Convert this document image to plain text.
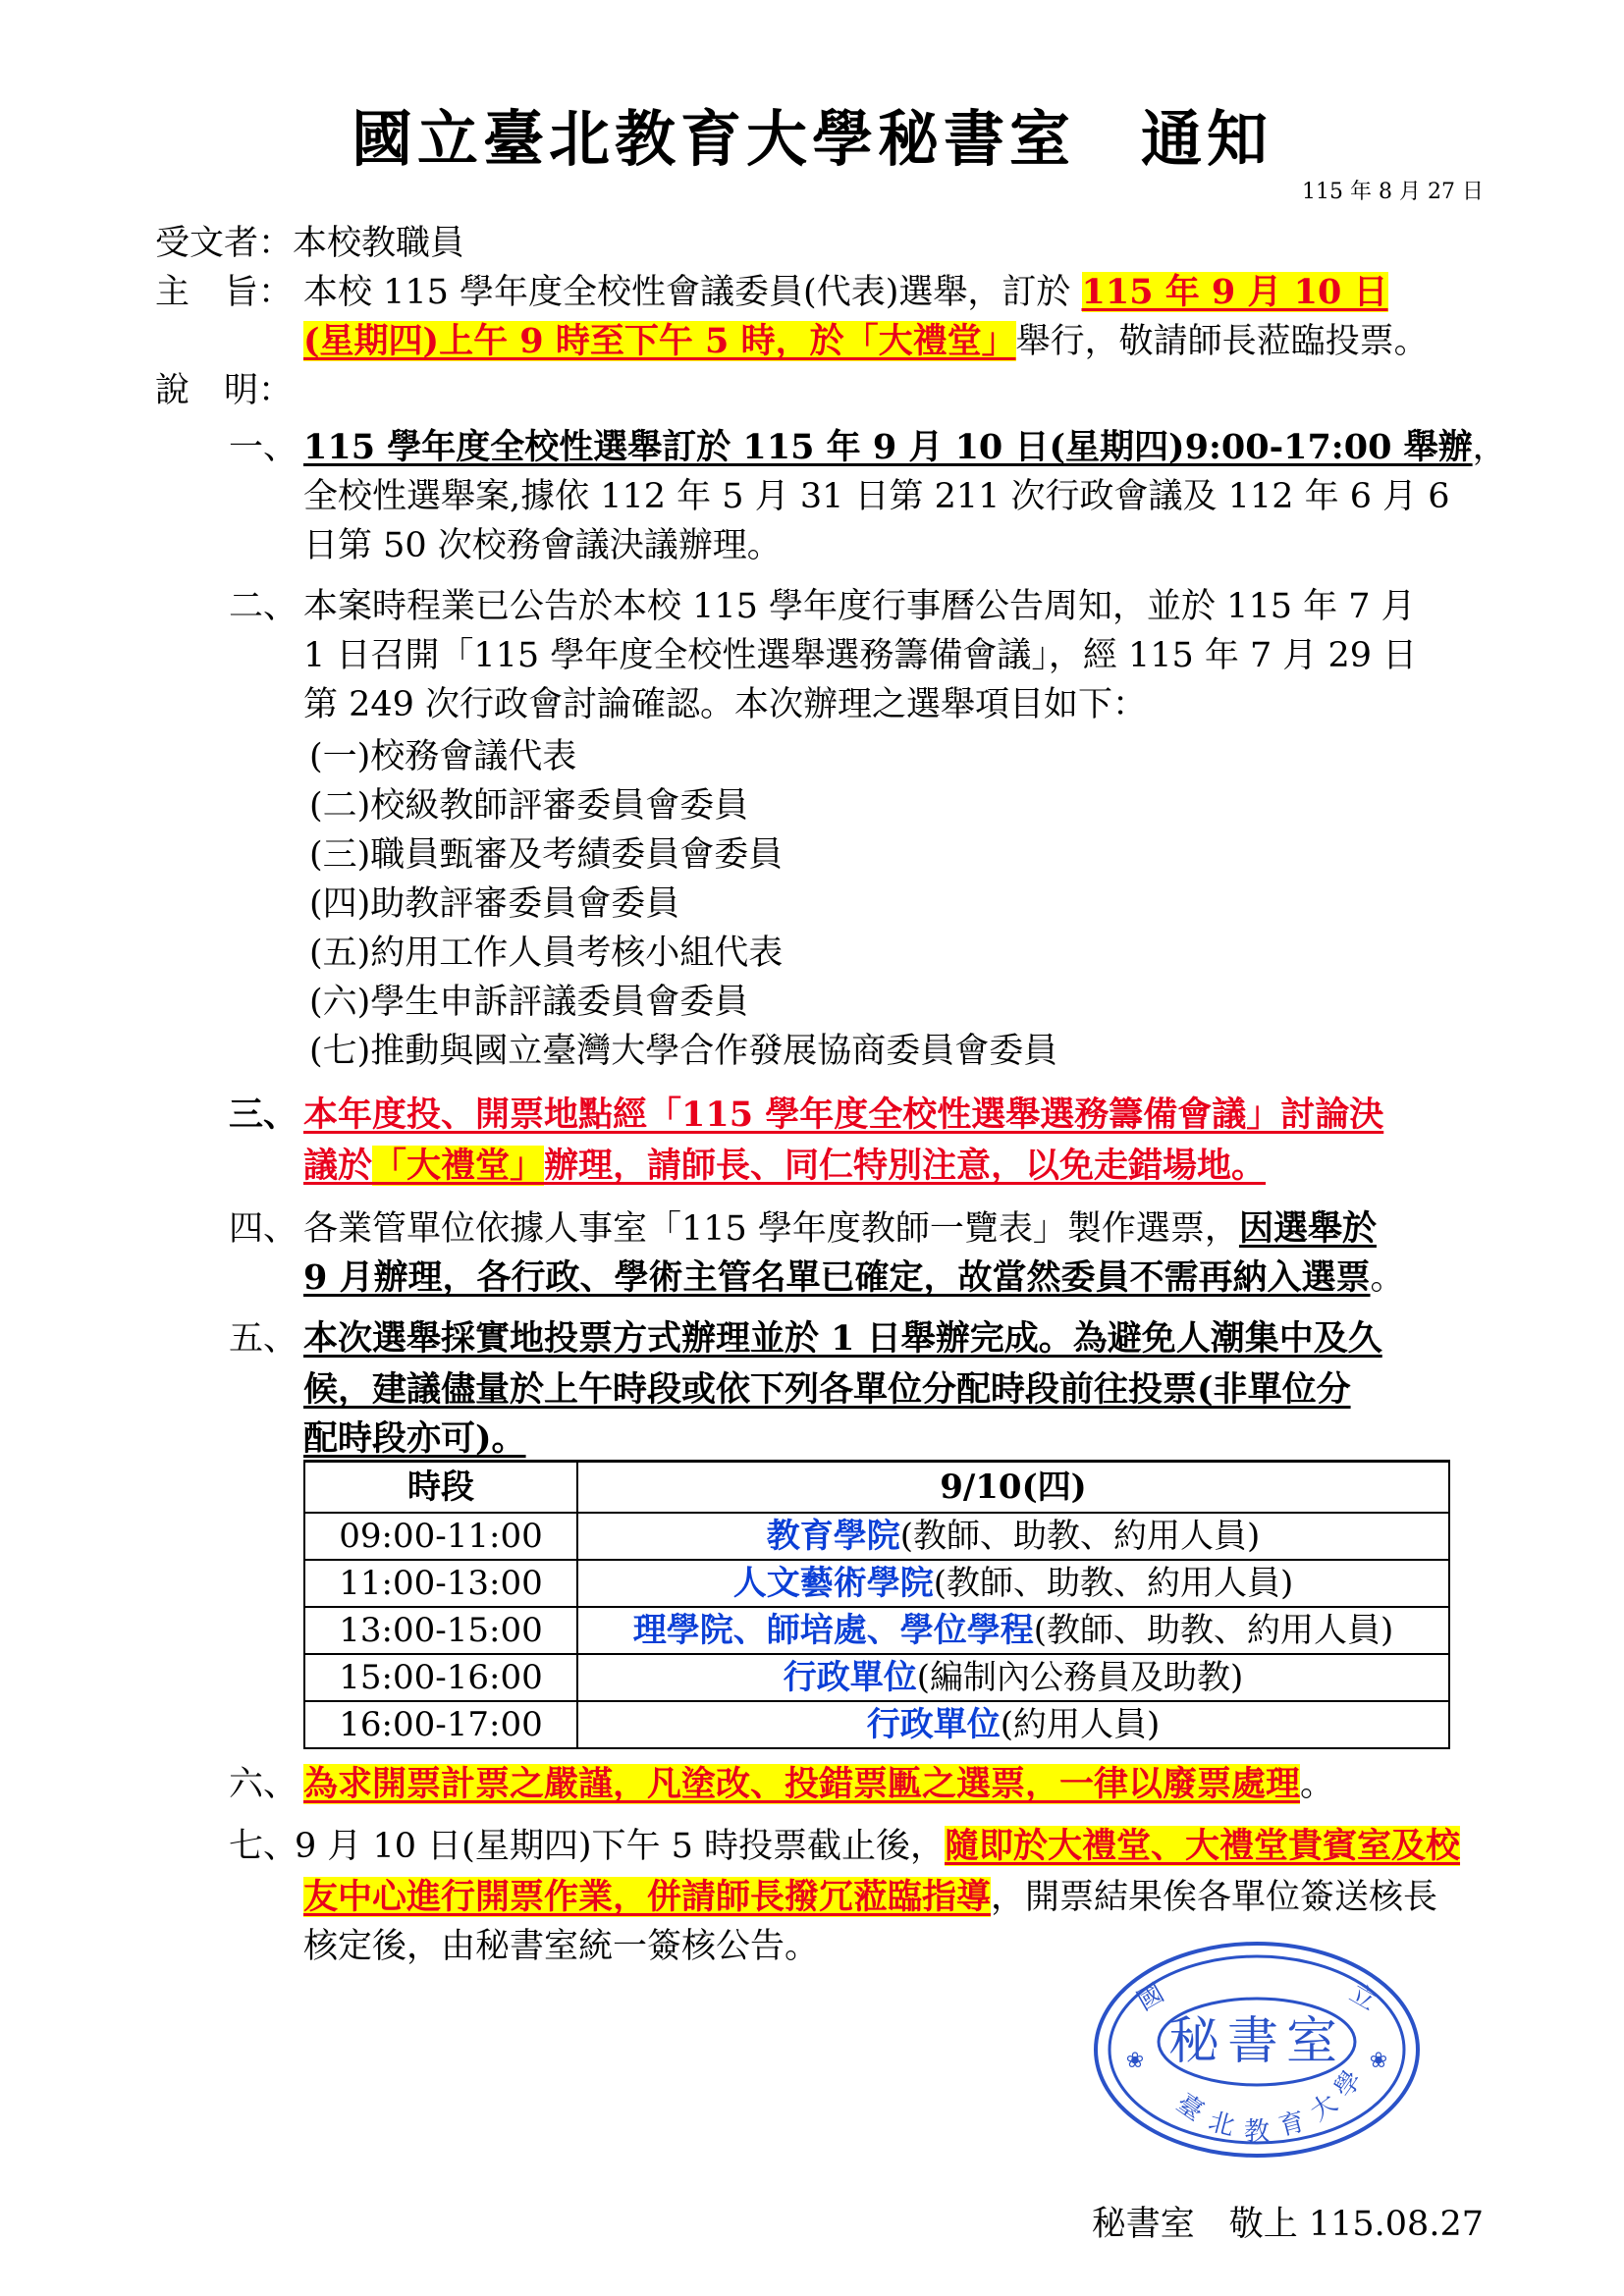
國立臺北教育大學秘書室　通知
115 年 8 月 27 日
受文者：本校教職員
主　旨： 本校 115 學年度全校性會議委員(代表)選舉，訂於 115 年 9 月 10 日
(星期四)上午 9 時至下午 5 時，於「大禮堂」舉行，敬請師長蒞臨投票。
說　明：
一、 115 學年度全校性選舉訂於 115 年 9 月 10 日(星期四)9:00-17:00 舉辦，
全校性選舉案,據依 112 年 5 月 31 日第 211 次行政會議及 112 年 6 月 6
日第 50 次校務會議決議辦理。
二、 本案時程業已公告於本校 115 學年度行事曆公告周知，並於 115 年 7 月
1 日召開「115 學年度全校性選舉選務籌備會議」，經 115 年 7 月 29 日
第 249 次行政會討論確認。本次辦理之選舉項目如下：
(一)校務會議代表
(二)校級教師評審委員會委員
(三)職員甄審及考績委員會委員
(四)助教評審委員會委員
(五)約用工作人員考核小組代表
(六)學生申訴評議委員會委員
(七)推動與國立臺灣大學合作發展協商委員會委員
三、 本年度投、開票地點經「115 學年度全校性選舉選務籌備會議」討論決
議於「大禮堂」辦理，請師長、同仁特別注意，以免走錯場地。
四、 各業管單位依據人事室「115 學年度教師一覽表」製作選票，因選舉於
9 月辦理，各行政、學術主管名單已確定，故當然委員不需再納入選票。
五、 本次選舉採實地投票方式辦理並於 1 日舉辦完成。為避免人潮集中及久
候，建議儘量於上午時段或依下列各單位分配時段前往投票(非單位分
配時段亦可)。
時段	9/10(四)
09:00-11:00	教育學院(教師、助教、約用人員)
11:00-13:00	人文藝術學院(教師、助教、約用人員)
13:00-15:00	理學院、師培處、學位學程(教師、助教、約用人員)
15:00-16:00	行政單位(編制內公務員及助教)
16:00-17:00	行政單位(約用人員)
六、 為求開票計票之嚴謹，凡塗改、投錯票匭之選票，一律以廢票處理。
七、
9 月 10 日(星期四)下午 5 時投票截止後，隨即於大禮堂、大禮堂貴賓室及校
友中心進行開票作業，併請師長撥冗蒞臨指導，開票結果俟各單位簽送核長
核定後，由秘書室統一簽核公告。
秘書室
國	立
❀	❀
臺
北 教 育
大
學
秘書室　敬上 115.08.27
